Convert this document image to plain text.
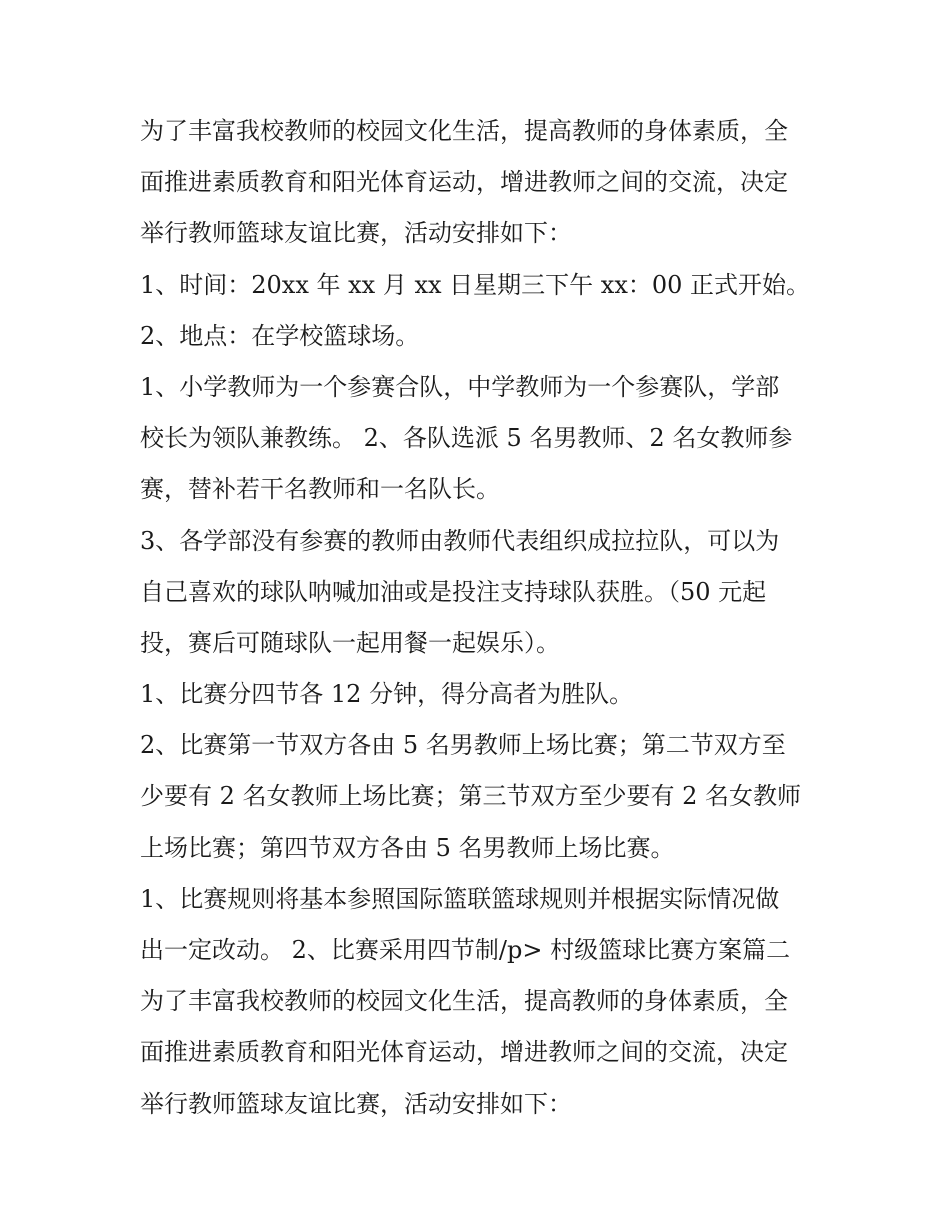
为了丰富我校教师的校园文化生活，提高教师的身体素质，全
面推进素质教育和阳光体育运动，增进教师之间的交流，决定
举行教师篮球友谊比赛，活动安排如下：
1、时间：20xx 年 xx 月 xx 日星期三下午 xx：00 正式开始。
2、地点：在学校篮球场。
1、小学教师为一个参赛合队，中学教师为一个参赛队，学部
校长为领队兼教练。 2、各队选派 5 名男教师、2 名女教师参
赛，替补若干名教师和一名队长。
3、各学部没有参赛的教师由教师代表组织成拉拉队，可以为
自己喜欢的球队呐喊加油或是投注支持球队获胜。（50 元起
投，赛后可随球队一起用餐一起娱乐）。
1、比赛分四节各 12 分钟，得分高者为胜队。
2、比赛第一节双方各由 5 名男教师上场比赛；第二节双方至
少要有 2 名女教师上场比赛；第三节双方至少要有 2 名女教师
上场比赛；第四节双方各由 5 名男教师上场比赛。
1、比赛规则将基本参照国际篮联篮球规则并根据实际情况做
出一定改动。 2、比赛采用四节制/p> 村级篮球比赛方案篇二
为了丰富我校教师的校园文化生活，提高教师的身体素质，全
面推进素质教育和阳光体育运动，增进教师之间的交流，决定
举行教师篮球友谊比赛，活动安排如下：
